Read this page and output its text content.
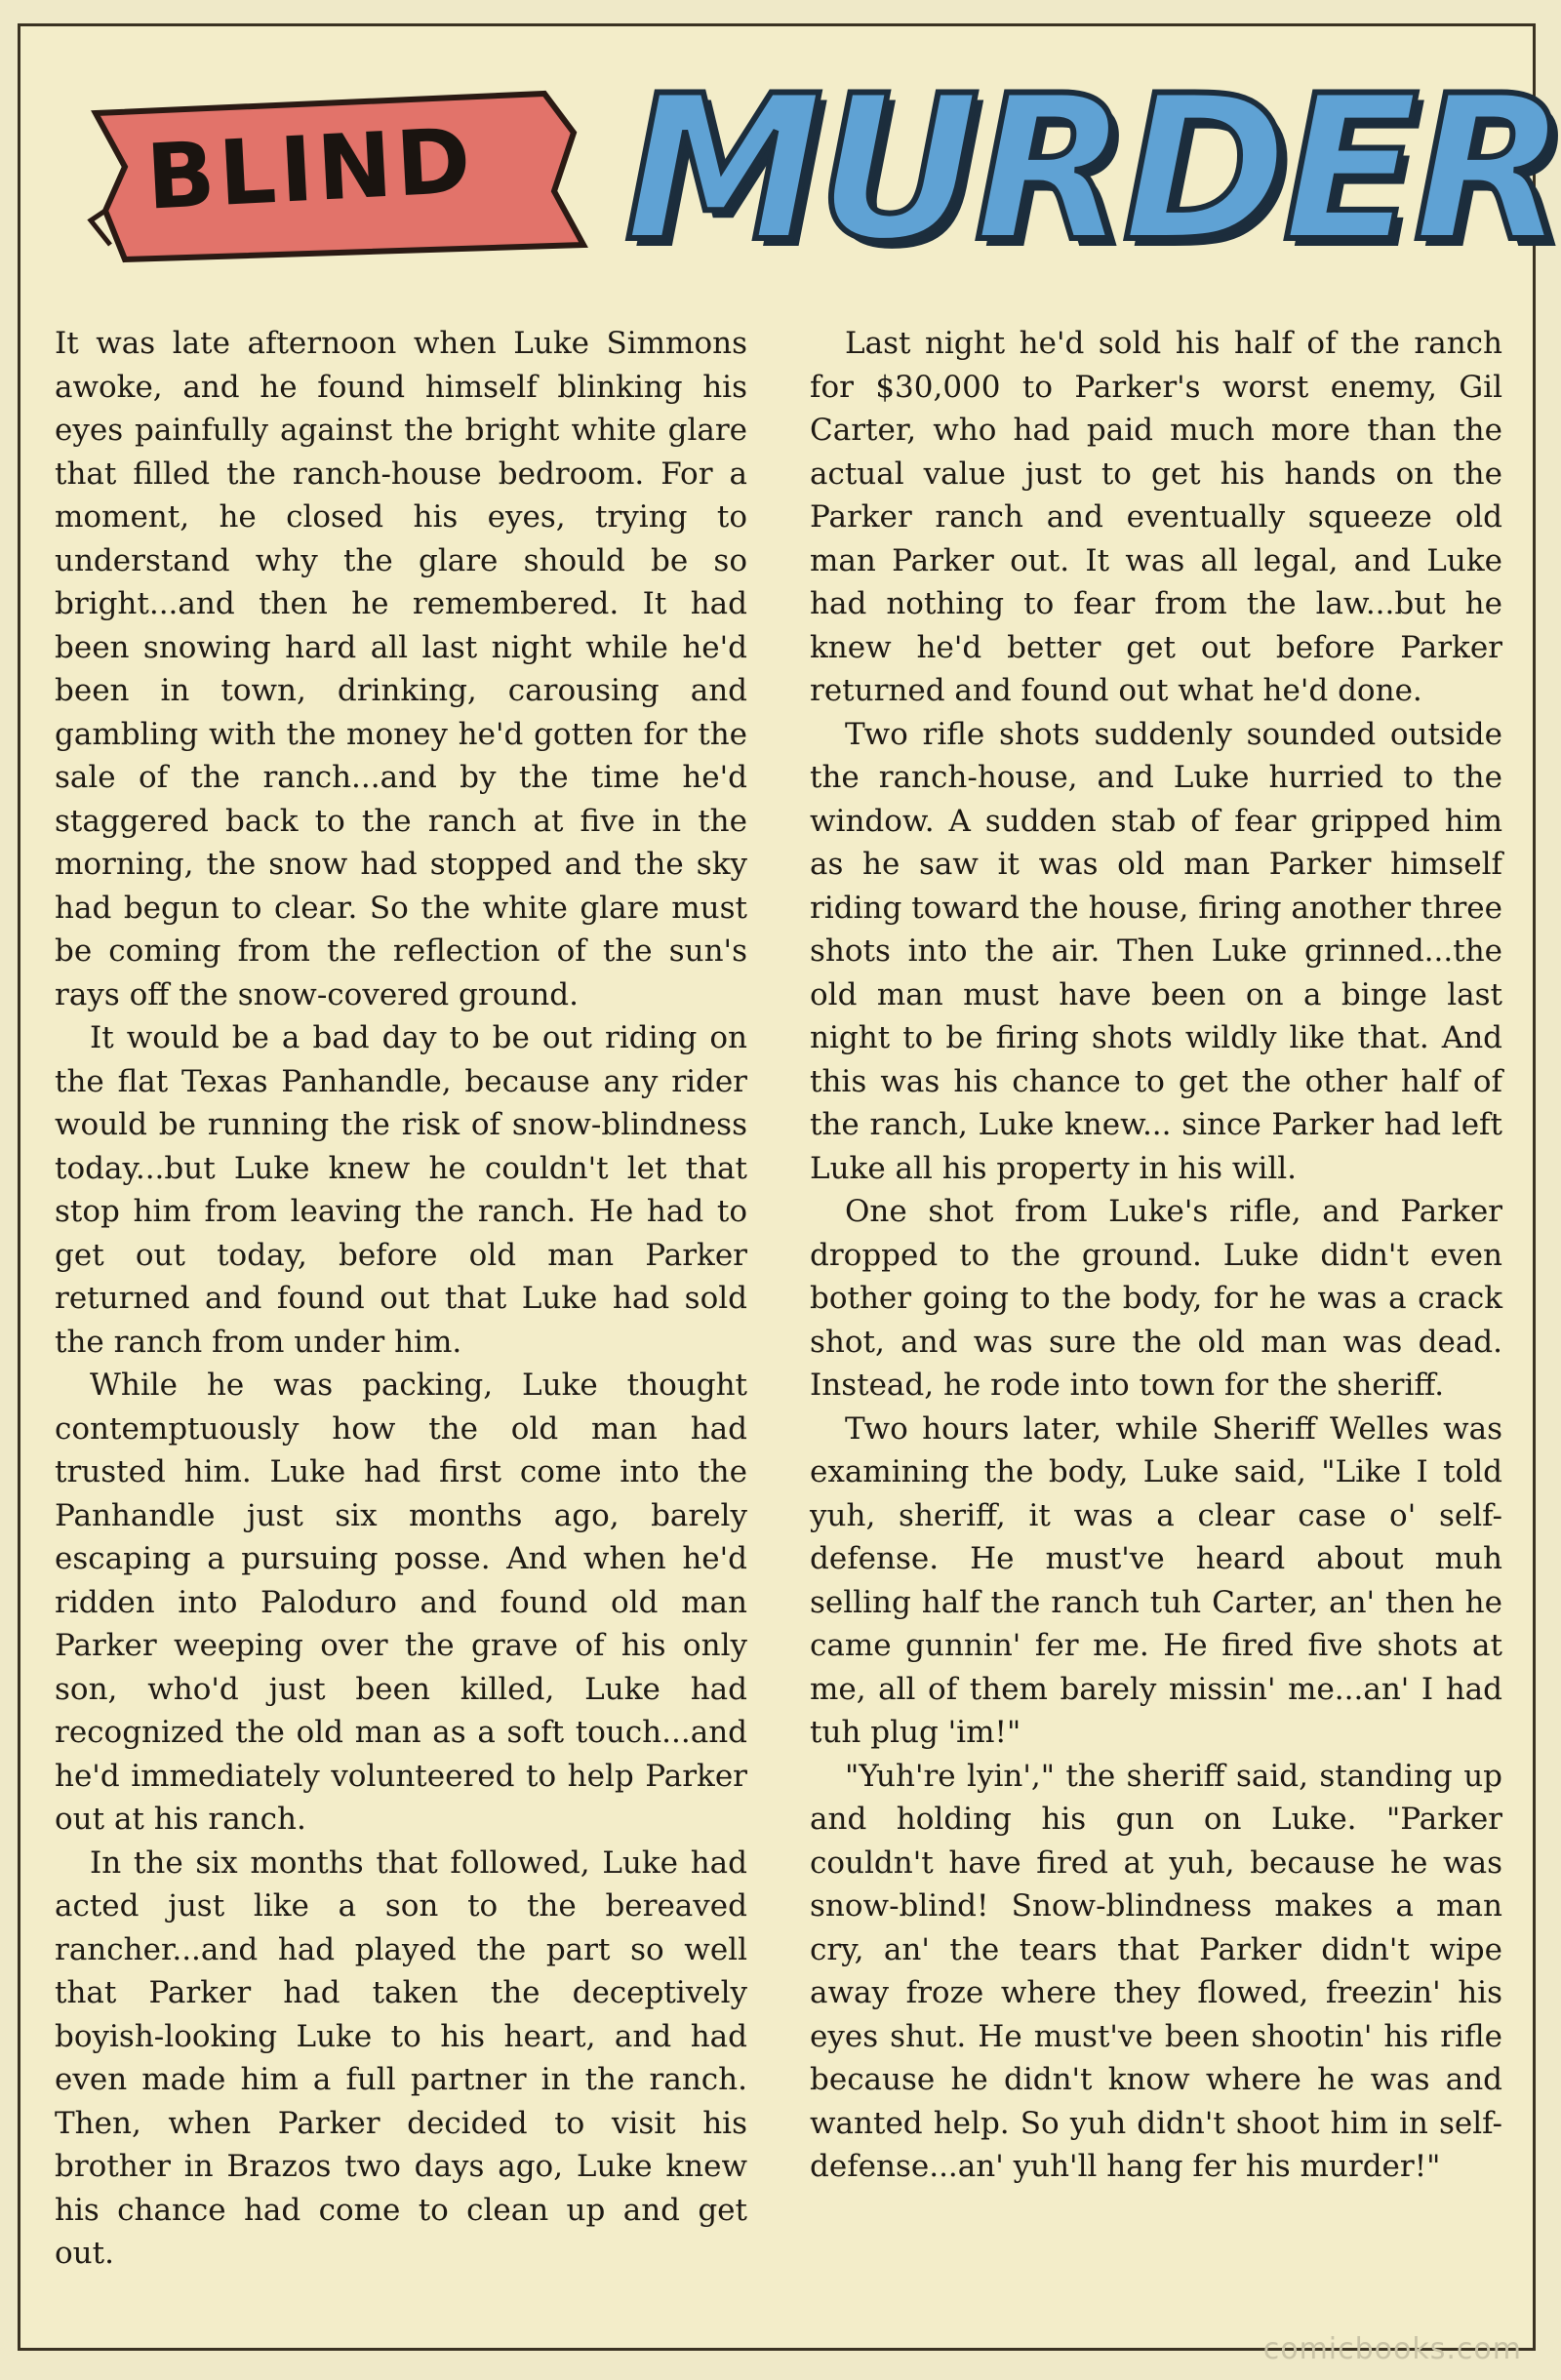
BLIND MURDER

It was late afternoon when Luke Simmons awoke, and he found himself blinking his eyes painfully against the bright white glare that filled the ranch-house bedroom. For a moment, he closed his eyes, trying to understand why the glare should be so bright...and then he remembered. It had been snowing hard all last night while he'd been in town, drinking, carousing and gambling with the money he'd gotten for the sale of the ranch...and by the time he'd staggered back to the ranch at five in the morning, the snow had stopped and the sky had begun to clear. So the white glare must be coming from the reflection of the sun's rays off the snow-covered ground.

It would be a bad day to be out riding on the flat Texas Panhandle, because any rider would be running the risk of snow-blindness today...but Luke knew he couldn't let that stop him from leaving the ranch. He had to get out today, before old man Parker returned and found out that Luke had sold the ranch from under him.

While he was packing, Luke thought contemptuously how the old man had trusted him. Luke had first come into the Panhandle just six months ago, barely escaping a pursuing posse. And when he'd ridden into Paloduro and found old man Parker weeping over the grave of his only son, who'd just been killed, Luke had recognized the old man as a soft touch...and he'd immediately volunteered to help Parker out at his ranch.

In the six months that followed, Luke had acted just like a son to the bereaved rancher...and had played the part so well that Parker had taken the deceptively boyish-looking Luke to his heart, and had even made him a full partner in the ranch. Then, when Parker decided to visit his brother in Brazos two days ago, Luke knew his chance had come to clean up and get out.

Last night he'd sold his half of the ranch for $30,000 to Parker's worst enemy, Gil Carter, who had paid much more than the actual value just to get his hands on the Parker ranch and eventually squeeze old man Parker out. It was all legal, and Luke had nothing to fear from the law...but he knew he'd better get out before Parker returned and found out what he'd done.

Two rifle shots suddenly sounded outside the ranch-house, and Luke hurried to the window. A sudden stab of fear gripped him as he saw it was old man Parker himself riding toward the house, firing another three shots into the air. Then Luke grinned...the old man must have been on a binge last night to be firing shots wildly like that. And this was his chance to get the other half of the ranch, Luke knew... since Parker had left Luke all his property in his will.

One shot from Luke's rifle, and Parker dropped to the ground. Luke didn't even bother going to the body, for he was a crack shot, and was sure the old man was dead. Instead, he rode into town for the sheriff.

Two hours later, while Sheriff Welles was examining the body, Luke said, "Like I told yuh, sheriff, it was a clear case o' self-defense. He must've heard about muh selling half the ranch tuh Carter, an' then he came gunnin' fer me. He fired five shots at me, all of them barely missin' me...an' I had tuh plug 'im!"

"Yuh're lyin'," the sheriff said, standing up and holding his gun on Luke. "Parker couldn't have fired at yuh, because he was snow-blind! Snow-blindness makes a man cry, an' the tears that Parker didn't wipe away froze where they flowed, freezin' his eyes shut. He must've been shootin' his rifle because he didn't know where he was and wanted help. So yuh didn't shoot him in self-defense...an' yuh'll hang fer his murder!"

comicbooks.com
